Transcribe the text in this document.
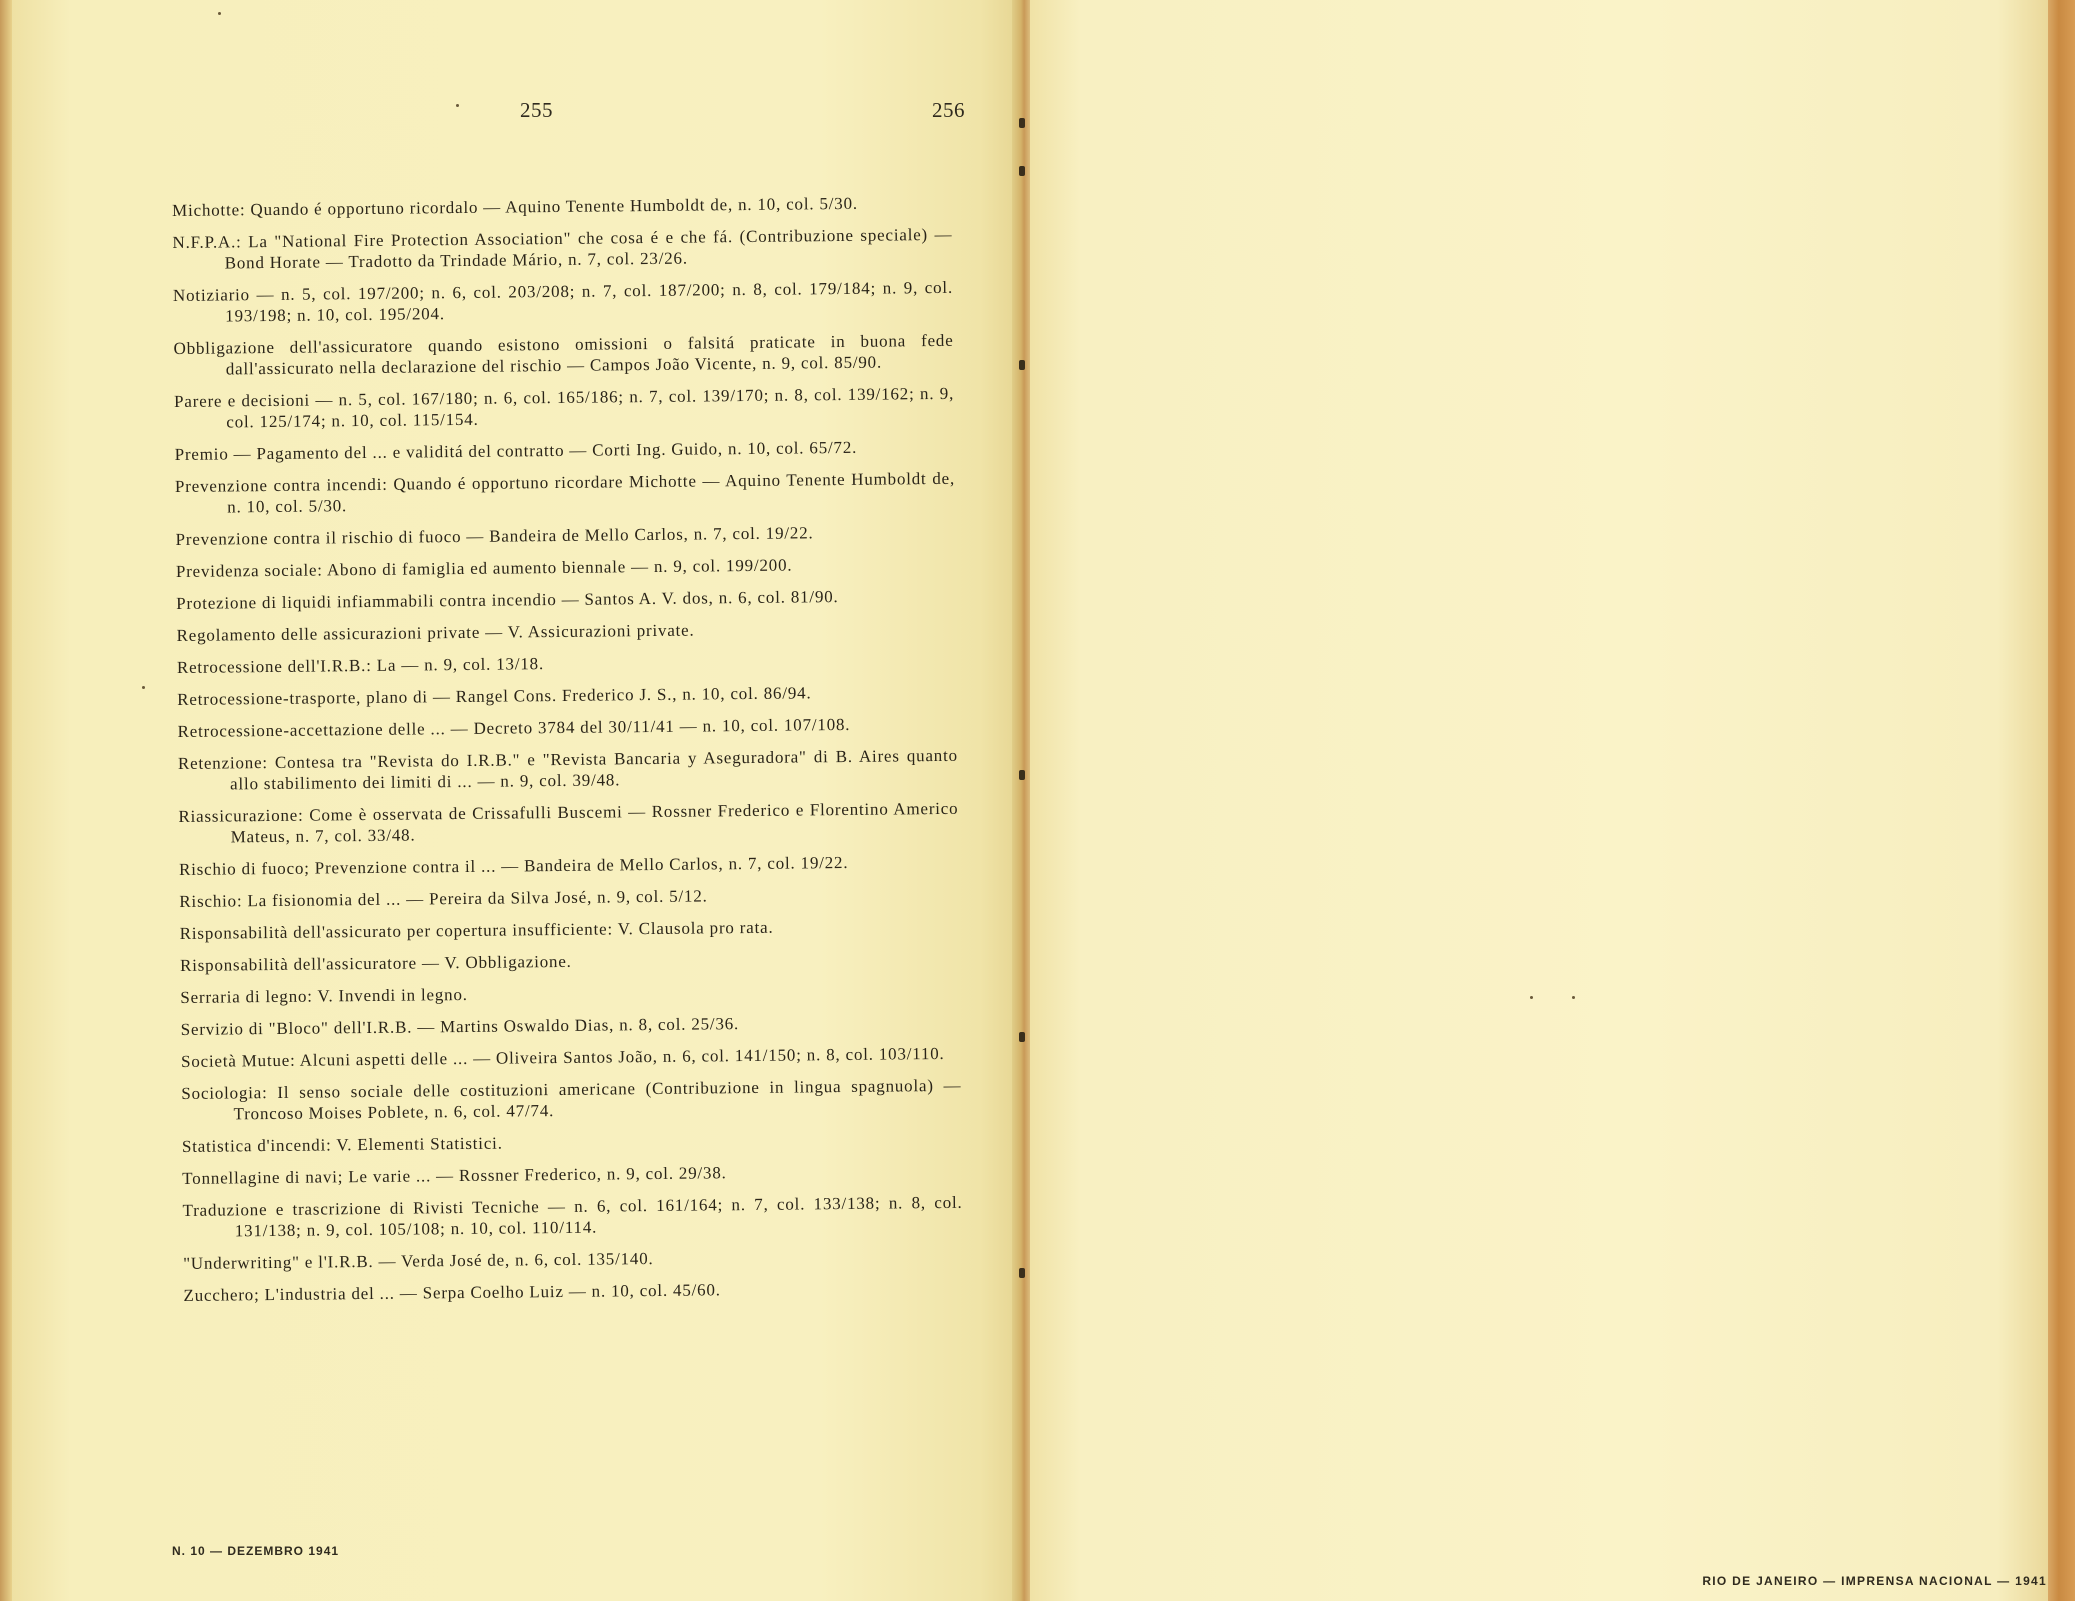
255	256
Michotte: Quando é opportuno ricordalo — Aquino Tenente Humboldt de, n. 10, col. 5/30.
N.F.P.A.: La "National Fire Protection Association" che cosa é e che fá. (Contribuzione speciale) — Bond Horate — Tradotto da Trindade Mário, n. 7, col. 23/26.
Notiziario — n. 5, col. 197/200; n. 6, col. 203/208; n. 7, col. 187/200; n. 8, col. 179/184; n. 9, col. 193/198; n. 10, col. 195/204.
Obbligazione dell'assicuratore quando esistono omissioni o falsitá praticate in buona fede dall'assicurato nella declarazione del rischio — Campos João Vicente, n. 9, col. 85/90.
Parere e decisioni — n. 5, col. 167/180; n. 6, col. 165/186; n. 7, col. 139/170; n. 8, col. 139/162; n. 9, col. 125/174; n. 10, col. 115/154.
Premio — Pagamento del ... e validitá del contratto — Corti Ing. Guido, n. 10, col. 65/72.
Prevenzione contra incendi: Quando é opportuno ricordare Michotte — Aquino Tenente Humboldt de, n. 10, col. 5/30.
Prevenzione contra il rischio di fuoco — Bandeira de Mello Carlos, n. 7, col. 19/22.
Previdenza sociale: Abono di famiglia ed aumento biennale — n. 9, col. 199/200.
Protezione di liquidi infiammabili contra incendio — Santos A. V. dos, n. 6, col. 81/90.
Regolamento delle assicurazioni private — V. Assicurazioni private.
Retrocessione dell'I.R.B.: La — n. 9, col. 13/18.
Retrocessione-trasporte, plano di — Rangel Cons. Frederico J. S., n. 10, col. 86/94.
Retrocessione-accettazione delle ... — Decreto 3784 del 30/11/41 — n. 10, col. 107/108.
Retenzione: Contesa tra "Revista do I.R.B." e "Revista Bancaria y Aseguradora" di B. Aires quanto allo stabilimento dei limiti di ... — n. 9, col. 39/48.
Riassicurazione: Come è osservata de Crissafulli Buscemi — Rossner Frederico e Florentino Americo Mateus, n. 7, col. 33/48.
Rischio di fuoco; Prevenzione contra il ... — Bandeira de Mello Carlos, n. 7, col. 19/22.
Rischio: La fisionomia del ... — Pereira da Silva José, n. 9, col. 5/12.
Risponsabilità dell'assicurato per copertura insufficiente: V. Clausola pro rata.
Risponsabilità dell'assicuratore — V. Obbligazione.
Serraria di legno: V. Invendi in legno.
Servizio di "Bloco" dell'I.R.B. — Martins Oswaldo Dias, n. 8, col. 25/36.
Società Mutue: Alcuni aspetti delle ... — Oliveira Santos João, n. 6, col. 141/150; n. 8, col. 103/110.
Sociologia: Il senso sociale delle costituzioni americane (Contribuzione in lingua spagnuola) — Troncoso Moises Poblete, n. 6, col. 47/74.
Statistica d'incendi: V. Elementi Statistici.
Tonnellagine di navi; Le varie ... — Rossner Frederico, n. 9, col. 29/38.
Traduzione e trascrizione di Rivisti Tecniche — n. 6, col. 161/164; n. 7, col. 133/138; n. 8, col. 131/138; n. 9, col. 105/108; n. 10, col. 110/114.
"Underwriting" e l'I.R.B. — Verda José de, n. 6, col. 135/140.
Zucchero; L'industria del ... — Serpa Coelho Luiz — n. 10, col. 45/60.
N. 10 — DEZEMBRO 1941
RIO DE JANEIRO — IMPRENSA NACIONAL — 1941
